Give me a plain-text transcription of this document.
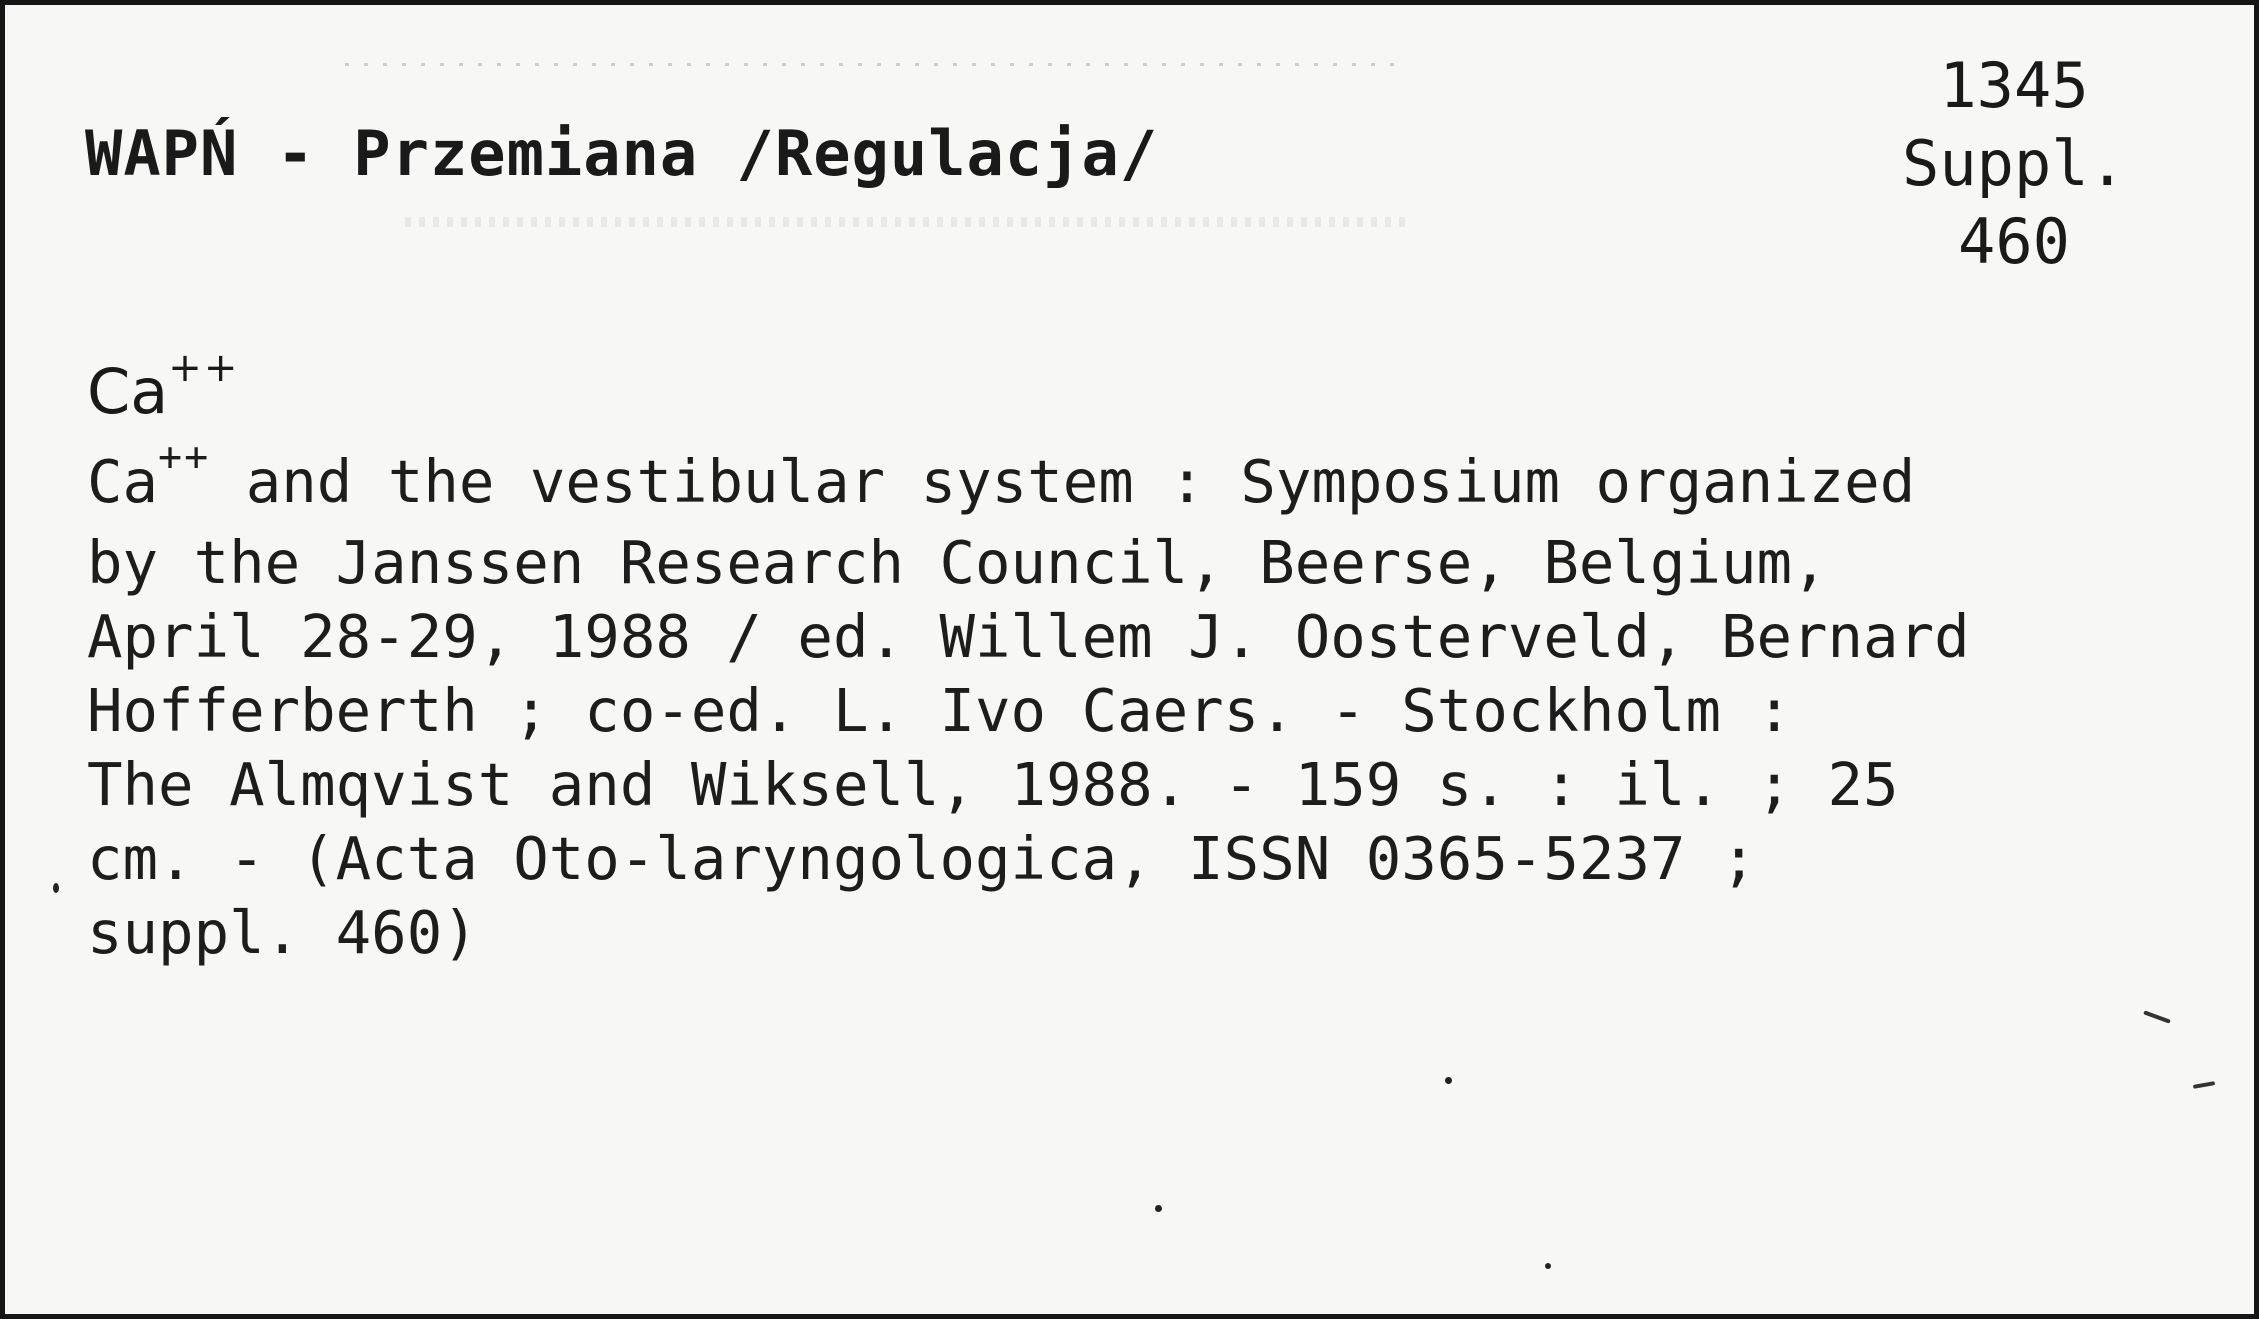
WAPŃ - Przemiana /Regulacja/
1345
Suppl.
460
Ca++
Ca++ and the vestibular system : Symposium organized
by the Janssen Research Council, Beerse, Belgium,
April 28-29, 1988 / ed. Willem J. Oosterveld, Bernard
Hofferberth ; co-ed. L. Ivo Caers. - Stockholm :
The Almqvist and Wiksell, 1988. - 159 s. : il. ; 25
cm. - (Acta Oto-laryngologica, ISSN 0365-5237 ;
suppl. 460)
